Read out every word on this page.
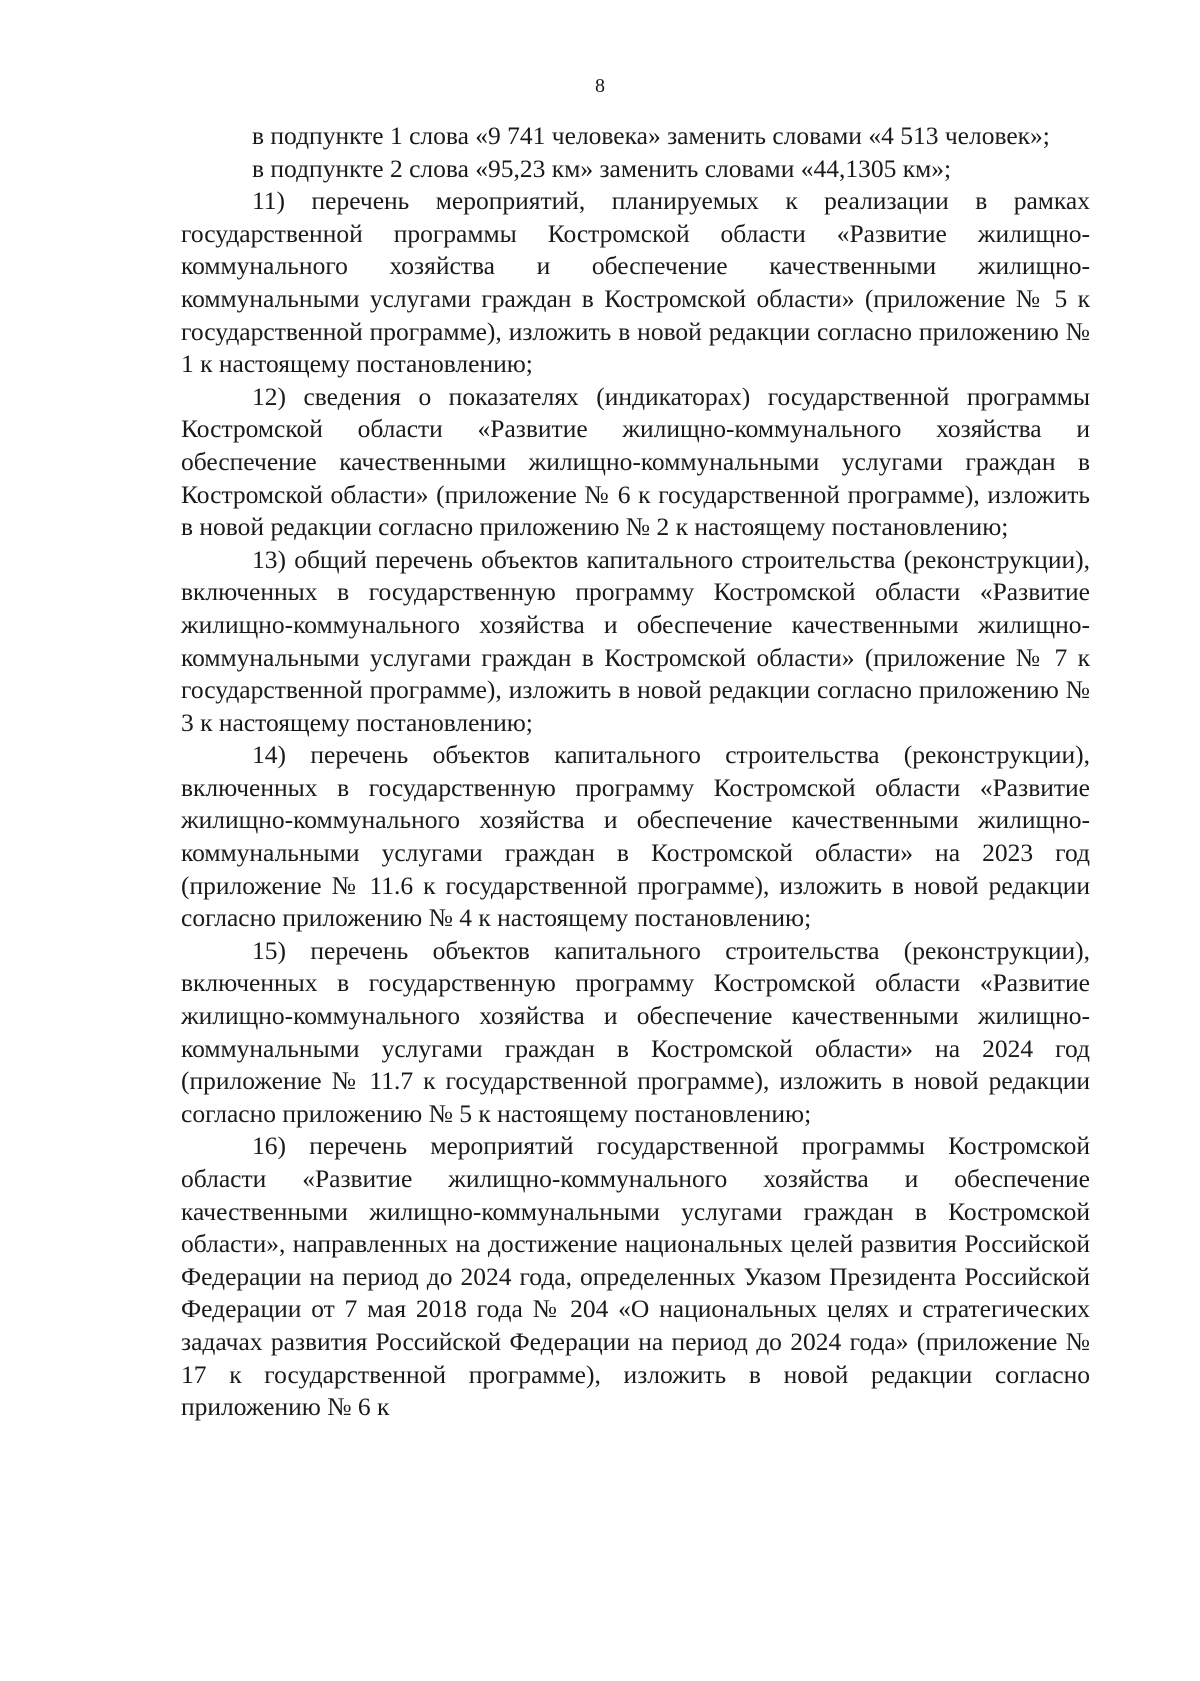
8

в подпункте 1 слова «9 741 человека» заменить словами «4 513 человек»;

в подпункте 2 слова «95,23 км» заменить словами «44,1305 км»;

11) перечень мероприятий, планируемых к реализации в рамках государственной программы Костромской области «Развитие жилищно-коммунального хозяйства и обеспечение качественными жилищно-коммунальными услугами граждан в Костромской области» (приложение № 5 к государственной программе), изложить в новой редакции согласно приложению № 1 к настоящему постановлению;

12) сведения о показателях (индикаторах) государственной программы Костромской области «Развитие жилищно-коммунального хозяйства и обеспечение качественными жилищно-коммунальными услугами граждан в Костромской области» (приложение № 6 к государственной программе), изложить в новой редакции согласно приложению № 2 к настоящему постановлению;

13) общий перечень объектов капитального строительства (реконструкции), включенных в государственную программу Костромской области «Развитие жилищно-коммунального хозяйства и обеспечение качественными жилищно-коммунальными услугами граждан в Костромской области» (приложение № 7 к государственной программе), изложить в новой редакции согласно приложению № 3 к настоящему постановлению;

14) перечень объектов капитального строительства (реконструкции), включенных в государственную программу Костромской области «Развитие жилищно-коммунального хозяйства и обеспечение качественными жилищно-коммунальными услугами граждан в Костромской области» на 2023 год (приложение № 11.6 к государственной программе), изложить в новой редакции согласно приложению № 4 к настоящему постановлению;

15) перечень объектов капитального строительства (реконструкции), включенных в государственную программу Костромской области «Развитие жилищно-коммунального хозяйства и обеспечение качественными жилищно-коммунальными услугами граждан в Костромской области» на 2024 год (приложение № 11.7 к государственной программе), изложить в новой редакции согласно приложению № 5 к настоящему постановлению;

16) перечень мероприятий государственной программы Костромской области «Развитие жилищно-коммунального хозяйства и обеспечение качественными жилищно-коммунальными услугами граждан в Костромской области», направленных на достижение национальных целей развития Российской Федерации на период до 2024 года, определенных Указом Президента Российской Федерации от 7 мая 2018 года № 204 «О национальных целях и стратегических задачах развития Российской Федерации на период до 2024 года» (приложение № 17 к государственной программе), изложить в новой редакции согласно приложению № 6 к
